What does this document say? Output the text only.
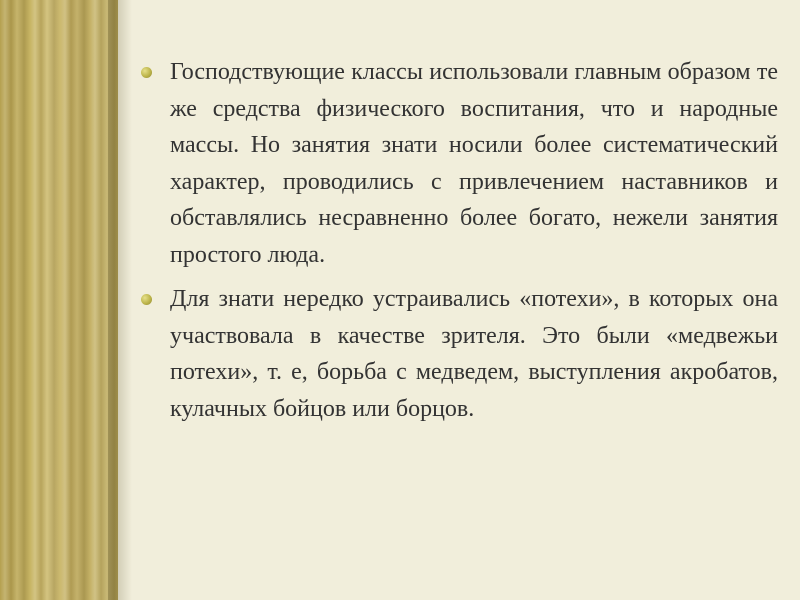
Господствующие классы использовали главным образом те же средства физического воспитания, что и народные массы. Но занятия знати носили более систематический характер, проводились с привлечением наставников и обставлялись несравненно более богато, нежели занятия простого люда.
Для знати нередко устраивались «потехи», в которых она участвовала в качестве зрителя. Это были «медвежьи потехи», т. е, борьба с медведем, выступления акробатов, кулачных бойцов или борцов.
